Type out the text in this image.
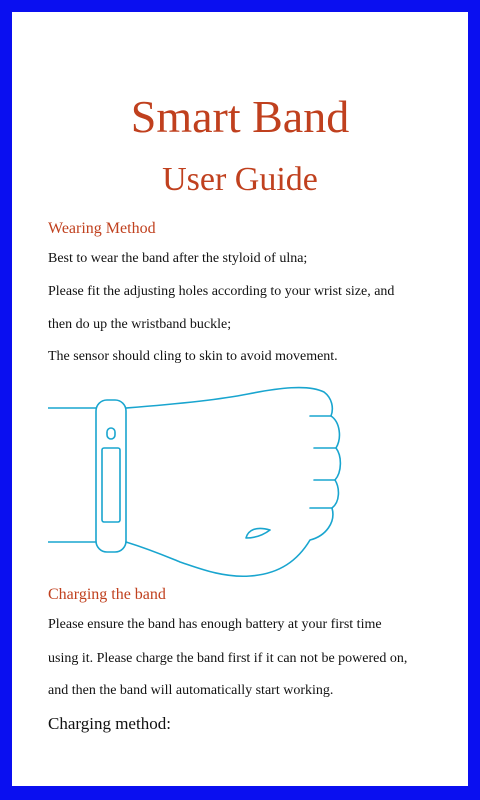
Smart Band
User Guide
Wearing Method
Best to wear the band after the styloid of ulna;
Please fit the adjusting holes according to your wrist size, and
then do up the wristband buckle;
The sensor should cling to skin to avoid movement.
Charging the band
Please ensure the band has enough battery at your first time
using it. Please charge the band first if it can not be powered on,
and then the band will automatically start working.
Charging method:
